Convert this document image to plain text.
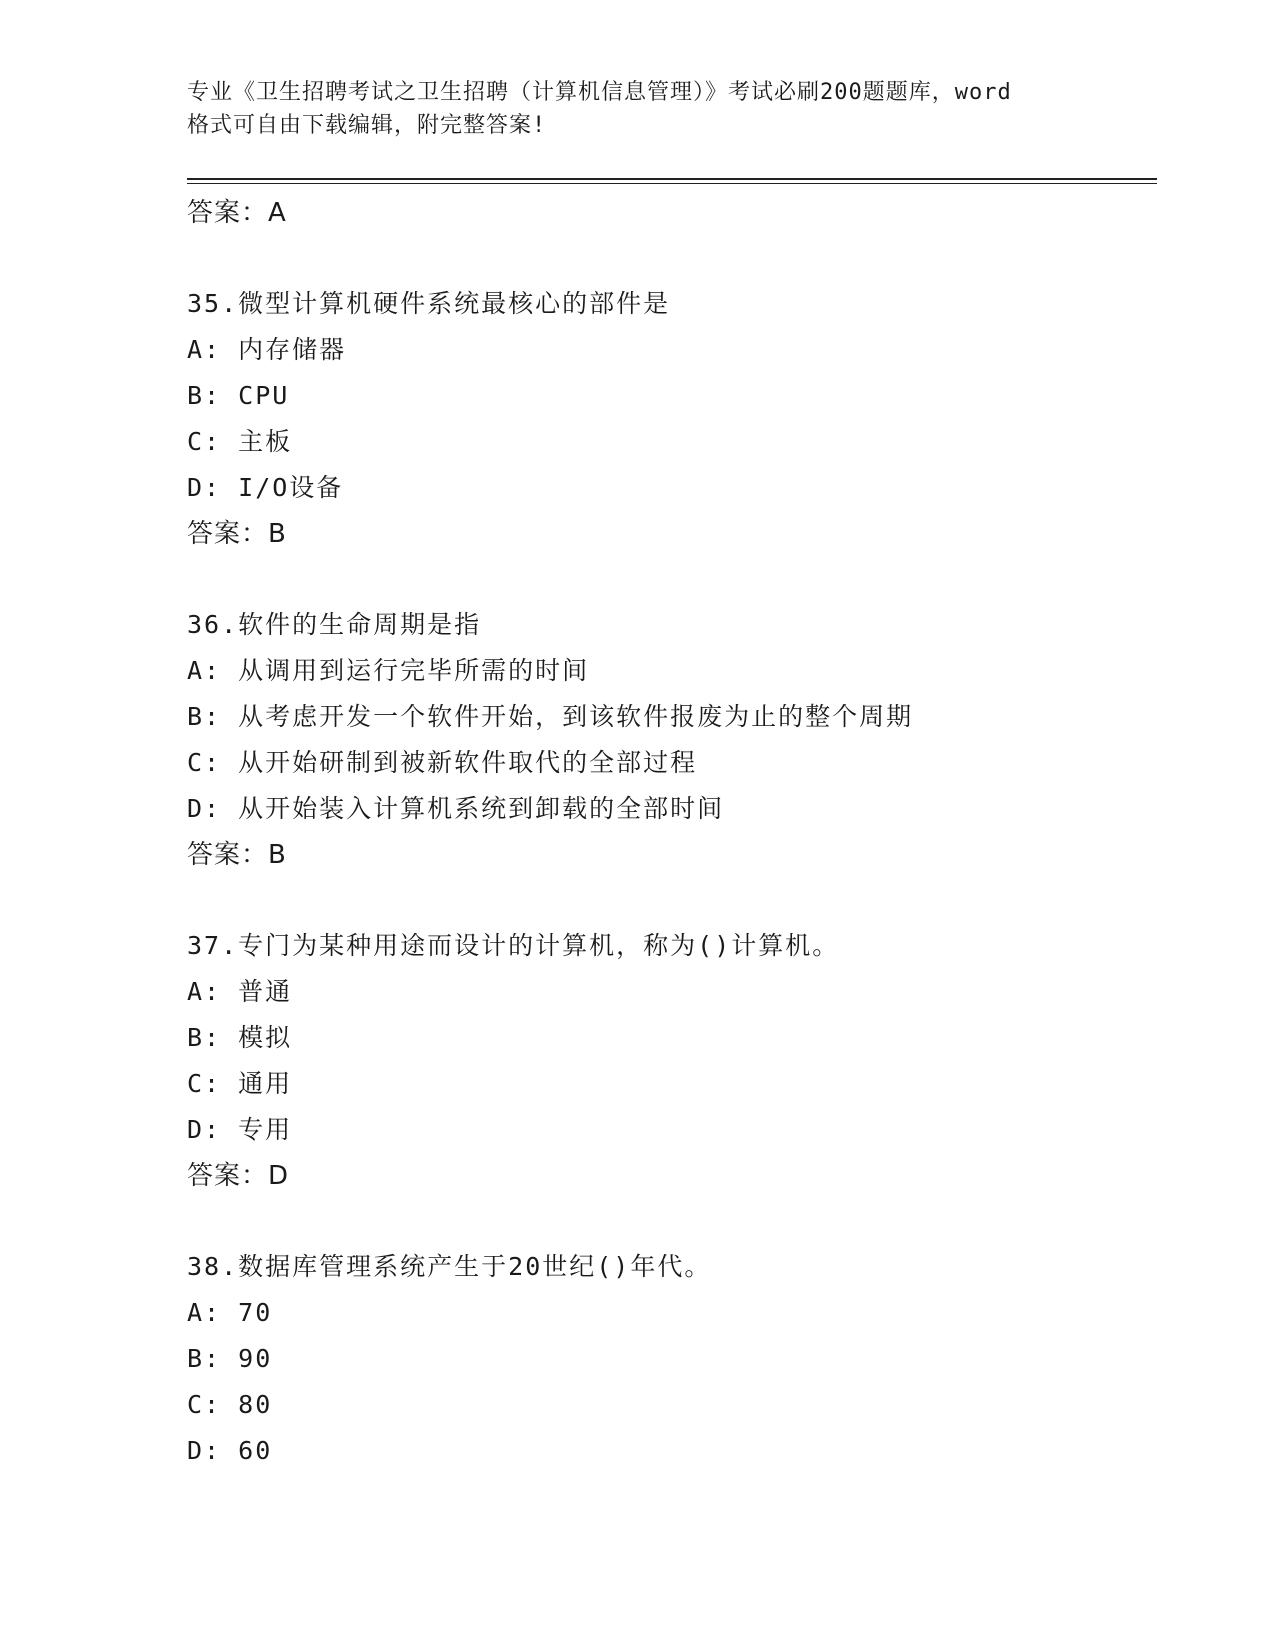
专业《卫生招聘考试之卫生招聘（计算机信息管理）》考试必刷200题题库，word
格式可自由下载编辑，附完整答案!
答案：A
35.微型计算机硬件系统最核心的部件是
A: 内存储器
B: CPU
C: 主板
D: I/O设备
答案：B
36.软件的生命周期是指
A: 从调用到运行完毕所需的时间
B: 从考虑开发一个软件开始，到该软件报废为止的整个周期
C: 从开始研制到被新软件取代的全部过程
D: 从开始装入计算机系统到卸载的全部时间
答案：B
37.专门为某种用途而设计的计算机，称为()计算机。
A: 普通
B: 模拟
C: 通用
D: 专用
答案：D
38.数据库管理系统产生于20世纪()年代。
A: 70
B: 90
C: 80
D: 60
